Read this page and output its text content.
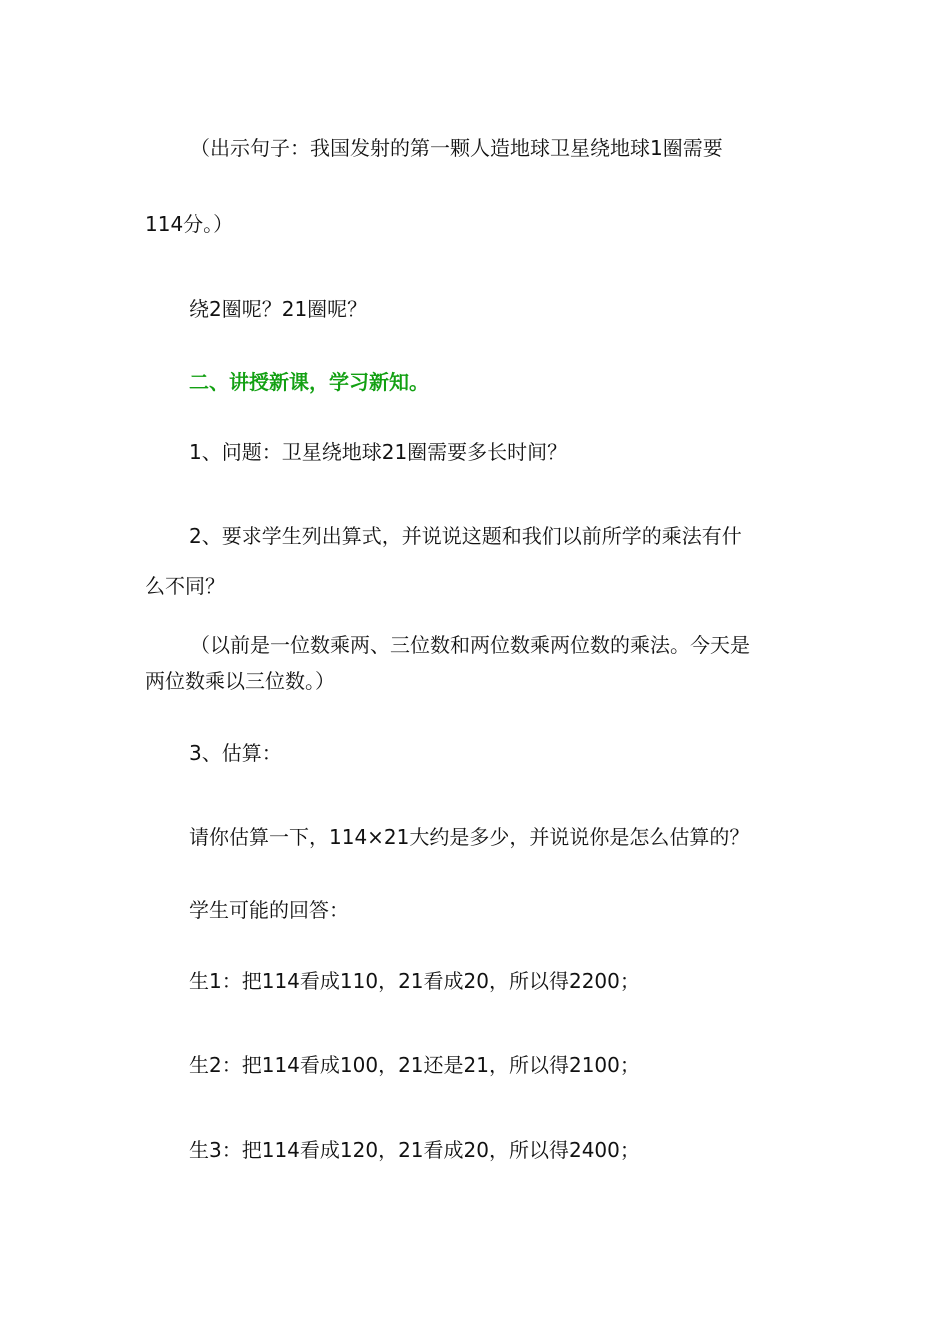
（出示句子：我国发射的第一颗人造地球卫星绕地球1圈需要
114分。）
绕2圈呢？21圈呢？
二、讲授新课，学习新知。
1、问题：卫星绕地球21圈需要多长时间？
2、要求学生列出算式，并说说这题和我们以前所学的乘法有什
么不同？
（以前是一位数乘两、三位数和两位数乘两位数的乘法。今天是
两位数乘以三位数。）
3、估算：
请你估算一下，114×21大约是多少，并说说你是怎么估算的？
学生可能的回答：
生1：把114看成110，21看成20，所以得2200；
生2：把114看成100，21还是21，所以得2100；
生3：把114看成120，21看成20，所以得2400；
